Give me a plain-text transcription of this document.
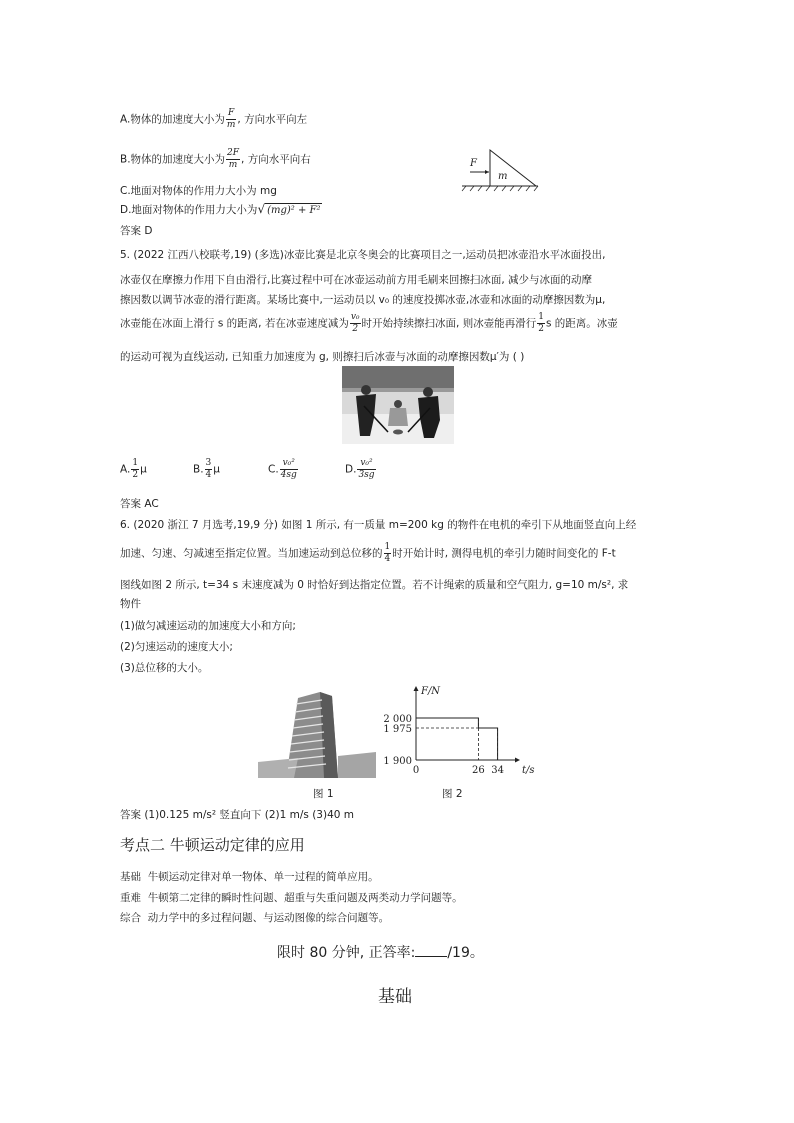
A.物体的加速度大小为 $\frac{F}{m}$ , 方向水平向左
B.物体的加速度大小为 $\frac{2F}{m}$ , 方向水平向右	F
m
C.地面对物体的作用力大小为 mg
D.地面对物体的作用力大小为√ (mg)² + F²
答案 D
5. (2022 江西八校联考,19) (多选)冰壶比赛是北京冬奥会的比赛项目之一,运动员把冰壶沿水平冰面投出,
冰壶仅在摩擦力作用下自由滑行,比赛过程中可在冰壶运动前方用毛刷来回擦扫冰面, 减少与冰面的动摩
擦因数以调节冰壶的滑行距离。某场比赛中,一运动员以 v₀ 的速度投掷冰壶,冰壶和冰面的动摩擦因数为μ,
冰壶能在冰面上滑行 s 的距离, 若在冰壶速度减为 $\frac{\text{v₀}}{2}$ 时开始持续擦扫冰面, 则冰壶能再滑行 $\frac{1}{2}$ s 的距离。冰壶
的运动可视为直线运动, 已知重力加速度为 g, 则擦扫后冰壶与冰面的动摩擦因数μ′为 ( )
A. $\frac{1}{2}$ μ	B. $\frac{3}{4}$ μ	C. $\frac{\text{v₀²}}{4sg}$	D. $\frac{\text{v₀²}}{3sg}$
答案 AC
6. (2020 浙江 7 月选考,19,9 分) 如图 1 所示, 有一质量 m=200 kg 的物件在电机的牵引下从地面竖直向上经
加速、匀速、匀减速至指定位置。当加速运动到总位移的 $\frac{1}{4}$ 时开始计时, 测得电机的牵引力随时间变化的 F-t
图线如图 2 所示, t=34 s 末速度减为 0 时恰好到达指定位置。若不计绳索的质量和空气阻力, g=10 m/s², 求
物件
(1)做匀减速运动的加速度大小和方向;
(2)匀速运动的速度大小;
(3)总位移的大小。
F/N
t/s
2 000
1 975
1 900
0	26 34
图 1	图 2
答案 (1)0.125 m/s² 竖直向下 (2)1 m/s (3)40 m
考点二 牛顿运动定律的应用
基础 牛顿运动定律对单一物体、单一过程的简单应用。
重难 牛顿第二定律的瞬时性问题、超重与失重问题及两类动力学问题等。
综合 动力学中的多过程问题、与运动图像的综合问题等。
限时 80 分钟, 正答率: /19。
基础
